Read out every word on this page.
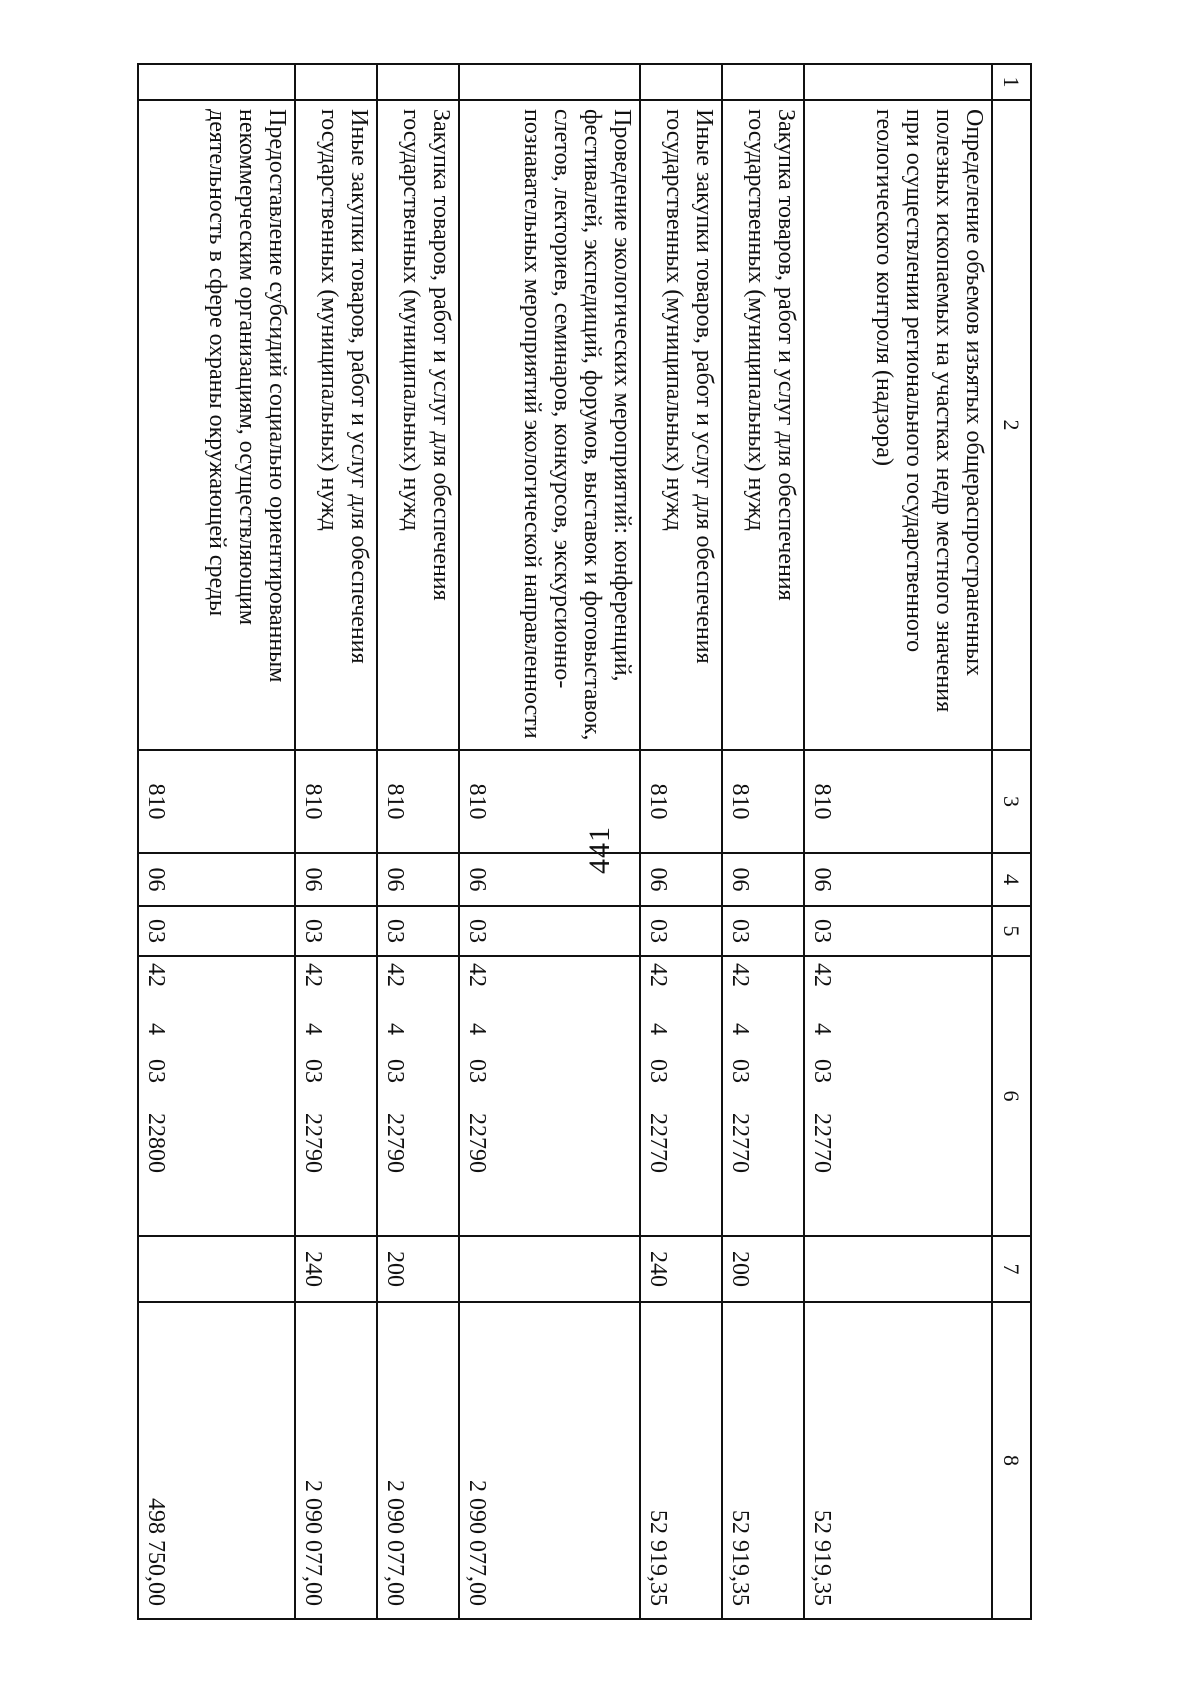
441
1	2	3	4	5	6	7	8
	Определение объемов изъятых общераспространенных полезных ископаемых на участках недр местного значения при осуществлении регионального государственного геологического контроля (надзора)	810	06	03	4240322770		52 919,35
	Закупка товаров, работ и услуг для обеспечения государственных (муниципальных) нужд	810	06	03	4240322770	200	52 919,35
	Иные закупки товаров, работ и услуг для обеспечения государственных (муниципальных) нужд	810	06	03	4240322770	240	52 919,35
	Проведение экологических мероприятий: конференций, фестивалей, экспедиций, форумов, выставок и фотовыставок, слетов, лекториев, семинаров, конкурсов, экскурсионно-познавательных мероприятий экологической направленности	810	06	03	4240322790		2 090 077,00
	Закупка товаров, работ и услуг для обеспечения государственных (муниципальных) нужд	810	06	03	4240322790	200	2 090 077,00
	Иные закупки товаров, работ и услуг для обеспечения государственных (муниципальных) нужд	810	06	03	4240322790	240	2 090 077,00
	Предоставление субсидий социально ориентированным некоммерческим организациям, осуществляющим деятельность в сфере охраны окружающей среды	810	06	03	4240322800		498 750,00
